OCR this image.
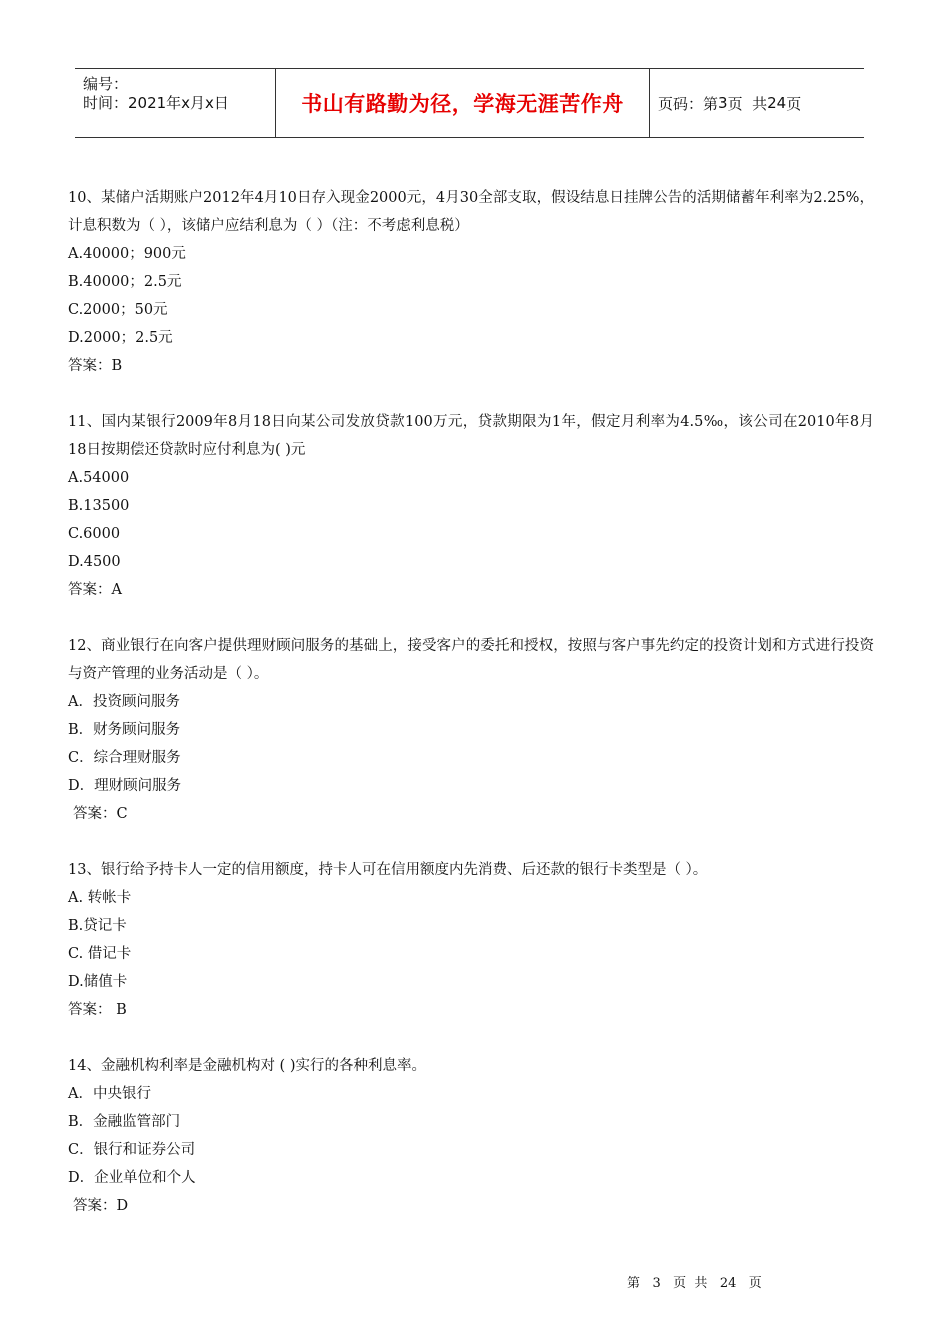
编号：
时间：2021年x月x日	书山有路勤为径，学海无涯苦作舟 页码：第 3 页  共 24 页

10、某储户活期账户2012年4月10日存入现金2000元，4月30全部支取，假设结息日挂牌公告的活期储蓄年利率为2.25%，计息积数为（ ），该储户应结利息为（ ）（注：不考虑利息税）

A.40000；900元

B.40000；2.5元

C.2000；50元

D.2000；2.5元

答案：B

11、国内某银行2009年8月18日向某公司发放贷款100万元，贷款期限为1年，假定月利率为4.5‰，该公司在2010年8月18日按期偿还贷款时应付利息为( )元

A.54000

B.13500

C.6000

D.4500

答案：A

12、商业银行在向客户提供理财顾问服务的基础上，接受客户的委托和授权，按照与客户事先约定的投资计划和方式进行投资与资产管理的业务活动是（ ）。

A．投资顾问服务

B．财务顾问服务

C．综合理财服务

D．理财顾问服务

答案：C

13、银行给予持卡人一定的信用额度，持卡人可在信用额度内先消费、后还款的银行卡类型是（ ）。

A. 转帐卡

B.贷记卡

C. 借记卡

D.储值卡

答案： B

14、金融机构利率是金融机构对 ( )实行的各种利息率。

A．中央银行

B．金融监管部门

C．银行和证券公司

D．企业单位和个人

答案：D

第 3 页  共 24 页
